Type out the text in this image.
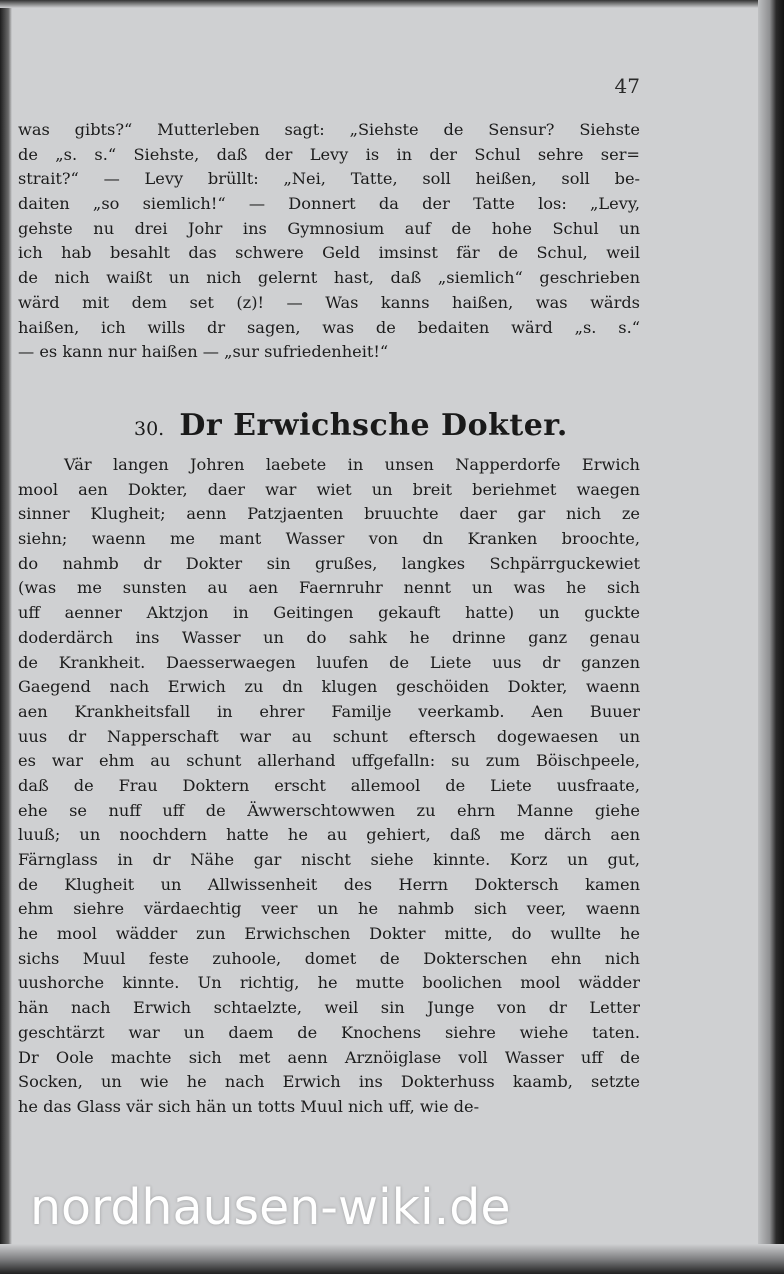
47
was gibts?“ Mutterleben sagt: „Siehste de Sensur? Siehste
de „s. s.“ Siehste, daß der Levy is in der Schul sehre ser=
strait?“ — Levy brüllt: „Nei, Tatte, soll heißen, soll be-
daiten „so siemlich!“ — Donnert da der Tatte los: „Levy,
gehste nu drei Johr ins Gymnosium auf de hohe Schul un
ich hab besahlt das schwere Geld imsinst fär de Schul, weil
de nich waißt un nich gelernt hast, daß „siemlich“ geschrieben
wärd mit dem set (z)! — Was kanns haißen, was wärds
haißen, ich wills dr sagen, was de bedaiten wärd „s. s.“
— es kann nur haißen — „sur sufriedenheit!“
30. Dr Erwichsche Dokter.
Vär langen Johren laebete in unsen Napperdorfe Erwich
mool aen Dokter, daer war wiet un breit beriehmet waegen
sinner Klugheit; aenn Patzjaenten bruuchte daer gar nich ze
siehn; waenn me mant Wasser von dn Kranken broochte,
do nahmb dr Dokter sin grußes, langkes Schpärrguckewiet
(was me sunsten au aen Faernruhr nennt un was he sich
uff aenner Aktzjon in Geitingen gekauft hatte) un guckte
doderdärch ins Wasser un do sahk he drinne ganz genau
de Krankheit. Daesserwaegen luufen de Liete uus dr ganzen
Gaegend nach Erwich zu dn klugen geschöiden Dokter, waenn
aen Krankheitsfall in ehrer Familje veerkamb. Aen Buuer
uus dr Napperschaft war au schunt eftersch dogewaesen un
es war ehm au schunt allerhand uffgefalln: su zum Böischpeele,
daß de Frau Doktern erscht allemool de Liete uusfraate,
ehe se nuff uff de Äwwerschtowwen zu ehrn Manne giehe
luuß; un noochdern hatte he au gehiert, daß me därch aen
Färnglass in dr Nähe gar nischt siehe kinnte. Korz un gut,
de Klugheit un Allwissenheit des Herrn Doktersch kamen
ehm siehre värdaechtig veer un he nahmb sich veer, waenn
he mool wädder zun Erwichschen Dokter mitte, do wullte he
sichs Muul feste zuhoole, domet de Dokterschen ehn nich
uushorche kinnte. Un richtig, he mutte boolichen mool wädder
hän nach Erwich schtaelzte, weil sin Junge von dr Letter
geschtärzt war un daem de Knochens siehre wiehe taten.
Dr Oole machte sich met aenn Arznöiglase voll Wasser uff de
Socken, un wie he nach Erwich ins Dokterhuss kaamb, setzte
he das Glass vär sich hän un totts Muul nich uff, wie de-
nordhausen-wiki.de
